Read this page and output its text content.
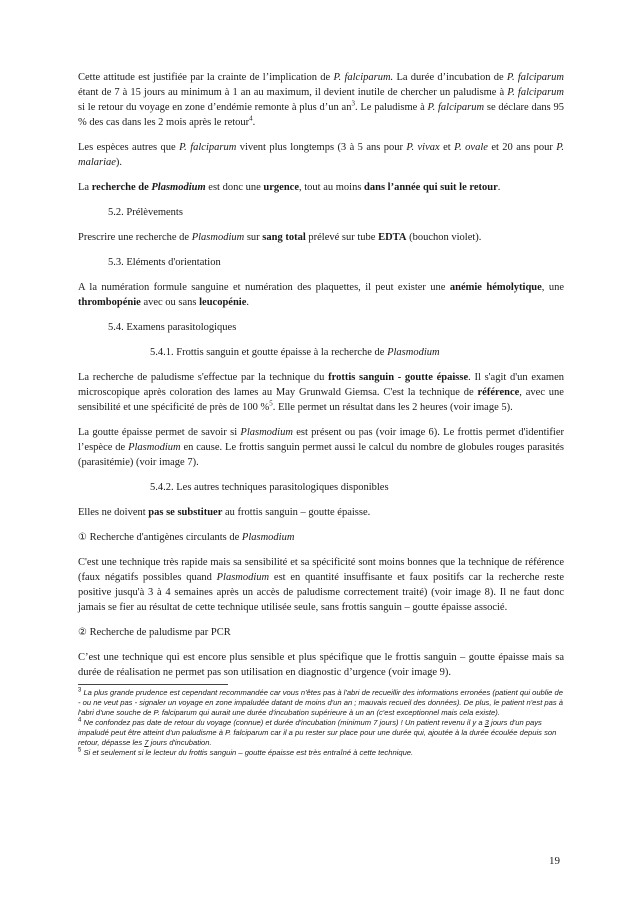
Cette attitude est justifiée par la crainte de l’implication de P. falciparum. La durée d’incubation de P. falciparum étant de 7 à 15 jours au minimum à 1 an au maximum, il devient inutile de chercher un paludisme à P. falciparum si le retour du voyage en zone d’endémie remonte à plus d’un $an^3$. Le paludisme à P. falciparum se déclare dans 95 % des cas dans les 2 mois après le retour$^4$.

Les espèces autres que P. falciparum vivent plus longtemps (3 à 5 ans pour P. vivax et P. ovale et 20 ans pour P. malariae).

La recherche de Plasmodium est donc une urgence, tout au moins dans l’année qui suit le retour.

5.2. Prélèvements

Prescrire une recherche de Plasmodium sur sang total prélevé sur tube EDTA (bouchon violet).

5.3. Eléments d'orientation

A la numération formule sanguine et numération des plaquettes, il peut exister une anémie hémolytique, une thrombopénie avec ou sans leucopénie.

5.4. Examens parasitologiques

5.4.1. Frottis sanguin et goutte épaisse à la recherche de Plasmodium

La recherche de paludisme s'effectue par la technique du frottis sanguin - goutte épaisse. Il s'agit d'un examen microscopique après coloration des lames au May Grunwald Giemsa. C'est la technique de référence, avec une sensibilité et une spécificité de près de 100 %$^5$. Elle permet un résultat dans les 2 heures (voir image 5).

La goutte épaisse permet de savoir si Plasmodium est présent ou pas (voir image 6). Le frottis permet d'identifier l’espèce de Plasmodium en cause. Le frottis sanguin permet aussi le calcul du nombre de globules rouges parasités (parasitémie) (voir image 7).

5.4.2. Les autres techniques parasitologiques disponibles

Elles ne doivent pas se substituer au frottis sanguin – goutte épaisse.

① Recherche d'antigènes circulants de Plasmodium

C'est une technique très rapide mais sa sensibilité et sa spécificité sont moins bonnes que la technique de référence (faux négatifs possibles quand Plasmodium est en quantité insuffisante et faux positifs car la recherche reste positive jusqu'à 3 à 4 semaines après un accès de paludisme correctement traité) (voir image 8). Il ne faut donc jamais se fier au résultat de cette technique utilisée seule, sans frottis sanguin – goutte épaisse associé.

② Recherche de paludisme par PCR

C’est une technique qui est encore plus sensible et plus spécifique que le frottis sanguin – goutte épaisse mais sa durée de réalisation ne permet pas son utilisation en diagnostic d’urgence (voir image 9).

$^3$ La plus grande prudence est cependant recommandée car vous n'êtes pas à l'abri de recueillir des informations erronées (patient qui oublie de - ou ne veut pas - signaler un voyage en zone impaludée datant de moins d'un an ; mauvais recueil des données). De plus, le patient n'est pas à l'abri d'une souche de P. falciparum qui aurait une durée d'incubation supérieure à un an (c'est exceptionnel mais cela existe).

$^4$ Ne confondez pas date de retour du voyage (connue) et durée d'incubation (minimum 7 jours) ! Un patient revenu il y a 3 jours d'un pays impaludé peut être atteint d'un paludisme à P. falciparum car il a pu rester sur place pour une durée qui, ajoutée à la durée écoulée depuis son retour, dépasse les 7 jours d'incubation.

$^5$ Si et seulement si le lecteur du frottis sanguin – goutte épaisse est très entraîné à cette technique.

19
